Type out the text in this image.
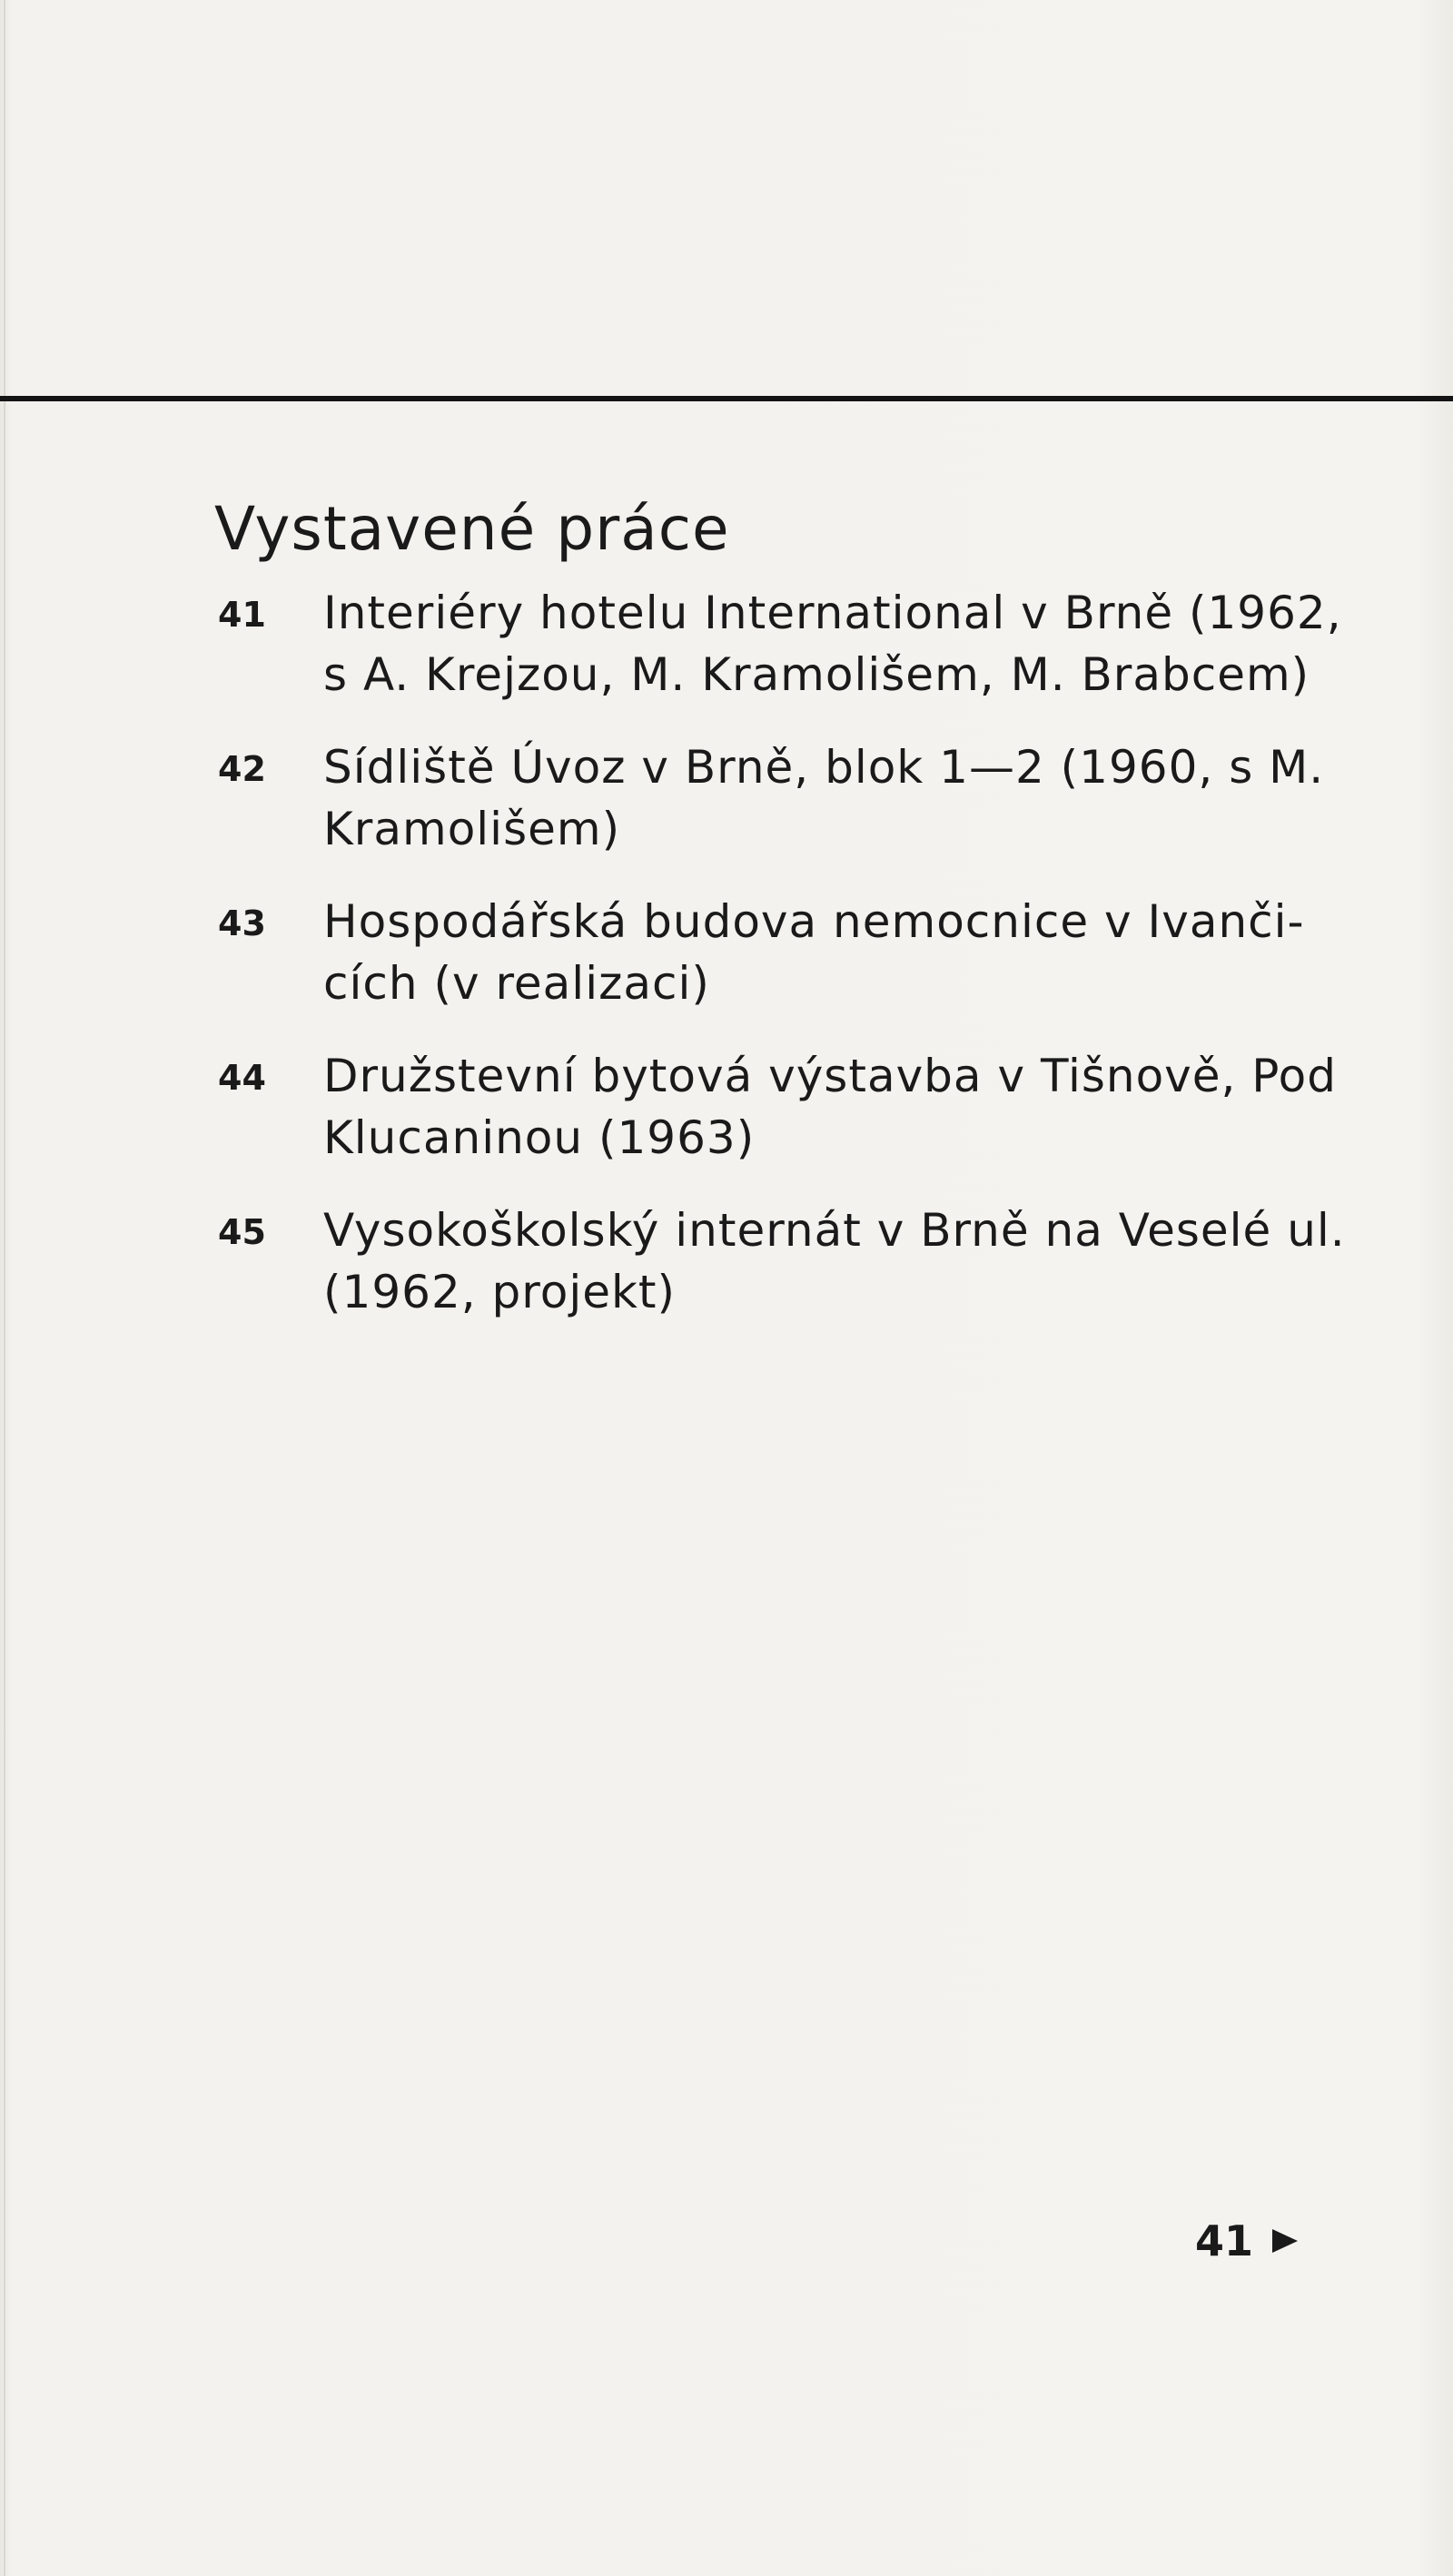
Vystavené práce
41 Interiéry hotelu International v Brně (1962,
s A. Krejzou, M. Kramolišem, M. Brabcem)
42 Sídliště Úvoz v Brně, blok 1—2 (1960, s M.
Kramolišem)
43 Hospodářská budova nemocnice v Ivanči-
cích (v realizaci)
44 Družstevní bytová výstavba v Tišnově, Pod
Klucaninou (1963)
45 Vysokoškolský internát v Brně na Veselé ul.
(1962, projekt)
41
